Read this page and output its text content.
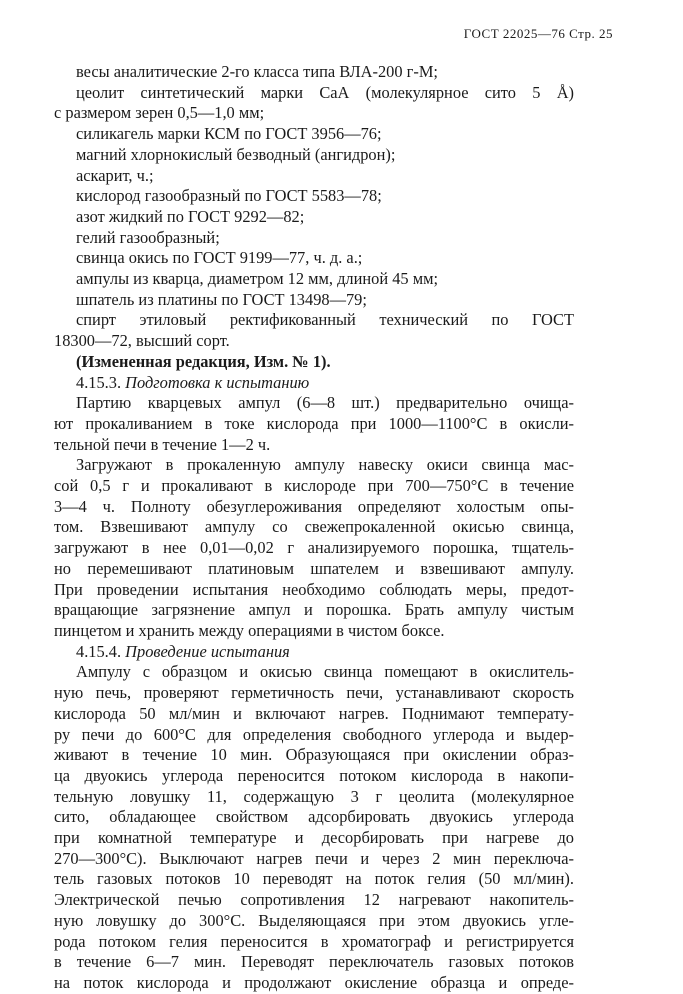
ГОСТ 22025—76 Стр. 25
весы аналитические 2-го класса типа ВЛА-200 г-М;
цеолит синтетический марки СаА (молекулярное сито 5 Å)
с размером зерен 0,5—1,0 мм;
силикагель марки КСМ по ГОСТ 3956—76;
магний хлорнокислый безводный (ангидрон);
аскарит, ч.;
кислород газообразный по ГОСТ 5583—78;
азот жидкий по ГОСТ 9292—82;
гелий газообразный;
свинца окись по ГОСТ 9199—77, ч. д. а.;
ампулы из кварца, диаметром 12 мм, длиной 45 мм;
шпатель из платины по ГОСТ 13498—79;
спирт этиловый ректификованный технический по ГОСТ
18300—72, высший сорт.
(Измененная редакция, Изм. № 1).
4.15.3. Подготовка к испытанию
Партию кварцевых ампул (6—8 шт.) предварительно очища-
ют прокаливанием в токе кислорода при 1000—1100°С в окисли-
тельной печи в течение 1—2 ч.
Загружают в прокаленную ампулу навеску окиси свинца мас-
сой 0,5 г и прокаливают в кислороде при 700—750°С в течение
3—4 ч. Полноту обезуглероживания определяют холостым опы-
том. Взвешивают ампулу со свежепрокаленной окисью свинца,
загружают в нее 0,01—0,02 г анализируемого порошка, тщатель-
но перемешивают платиновым шпателем и взвешивают ампулу.
При проведении испытания необходимо соблюдать меры, предот-
вращающие загрязнение ампул и порошка. Брать ампулу чистым
пинцетом и хранить между операциями в чистом боксе.
4.15.4. Проведение испытания
Ампулу с образцом и окисью свинца помещают в окислитель-
ную печь, проверяют герметичность печи, устанавливают скорость
кислорода 50 мл/мин и включают нагрев. Поднимают температу-
ру печи до 600°С для определения свободного углерода и выдер-
живают в течение 10 мин. Образующаяся при окислении образ-
ца двуокись углерода переносится потоком кислорода в накопи-
тельную ловушку 11, содержащую 3 г цеолита (молекулярное
сито, обладающее свойством адсорбировать двуокись углерода
при комнатной температуре и десорбировать при нагреве до
270—300°С). Выключают нагрев печи и через 2 мин переключа-
тель газовых потоков 10 переводят на поток гелия (50 мл/мин).
Электрической печью сопротивления 12 нагревают накопитель-
ную ловушку до 300°С. Выделяющаяся при этом двуокись угле-
рода потоком гелия переносится в хроматограф и регистрируется
в течение 6—7 мин. Переводят переключатель газовых потоков
на поток кислорода и продолжают окисление образца и опреде-
